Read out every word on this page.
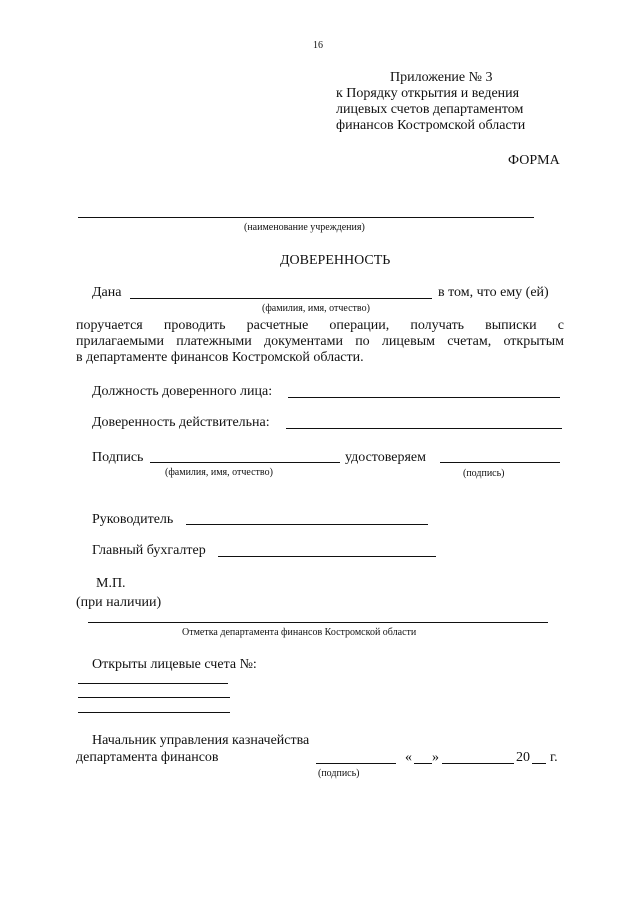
16
Приложение № 3
к Порядку открытия и ведения
лицевых счетов департаментом
финансов Костромской области
ФОРМА
(наименование учреждения)
ДОВЕРЕННОСТЬ
Дана	в том, что ему (ей)
(фамилия, имя, отчество)
поручается проводить расчетные операции, получать выписки с
прилагаемыми платежными документами по лицевым счетам, открытым
в департаменте финансов Костромской области.
Должность доверенного лица:
Доверенность действительна:
Подпись	удостоверяем
(фамилия, имя, отчество)	(подпись)
Руководитель
Главный бухгалтер
М.П.
(при наличии)
Отметка департамента финансов Костромской области
Открыты лицевые счета №:
Начальник управления казначейства
департамента финансов	« »	20 г.
(подпись)
